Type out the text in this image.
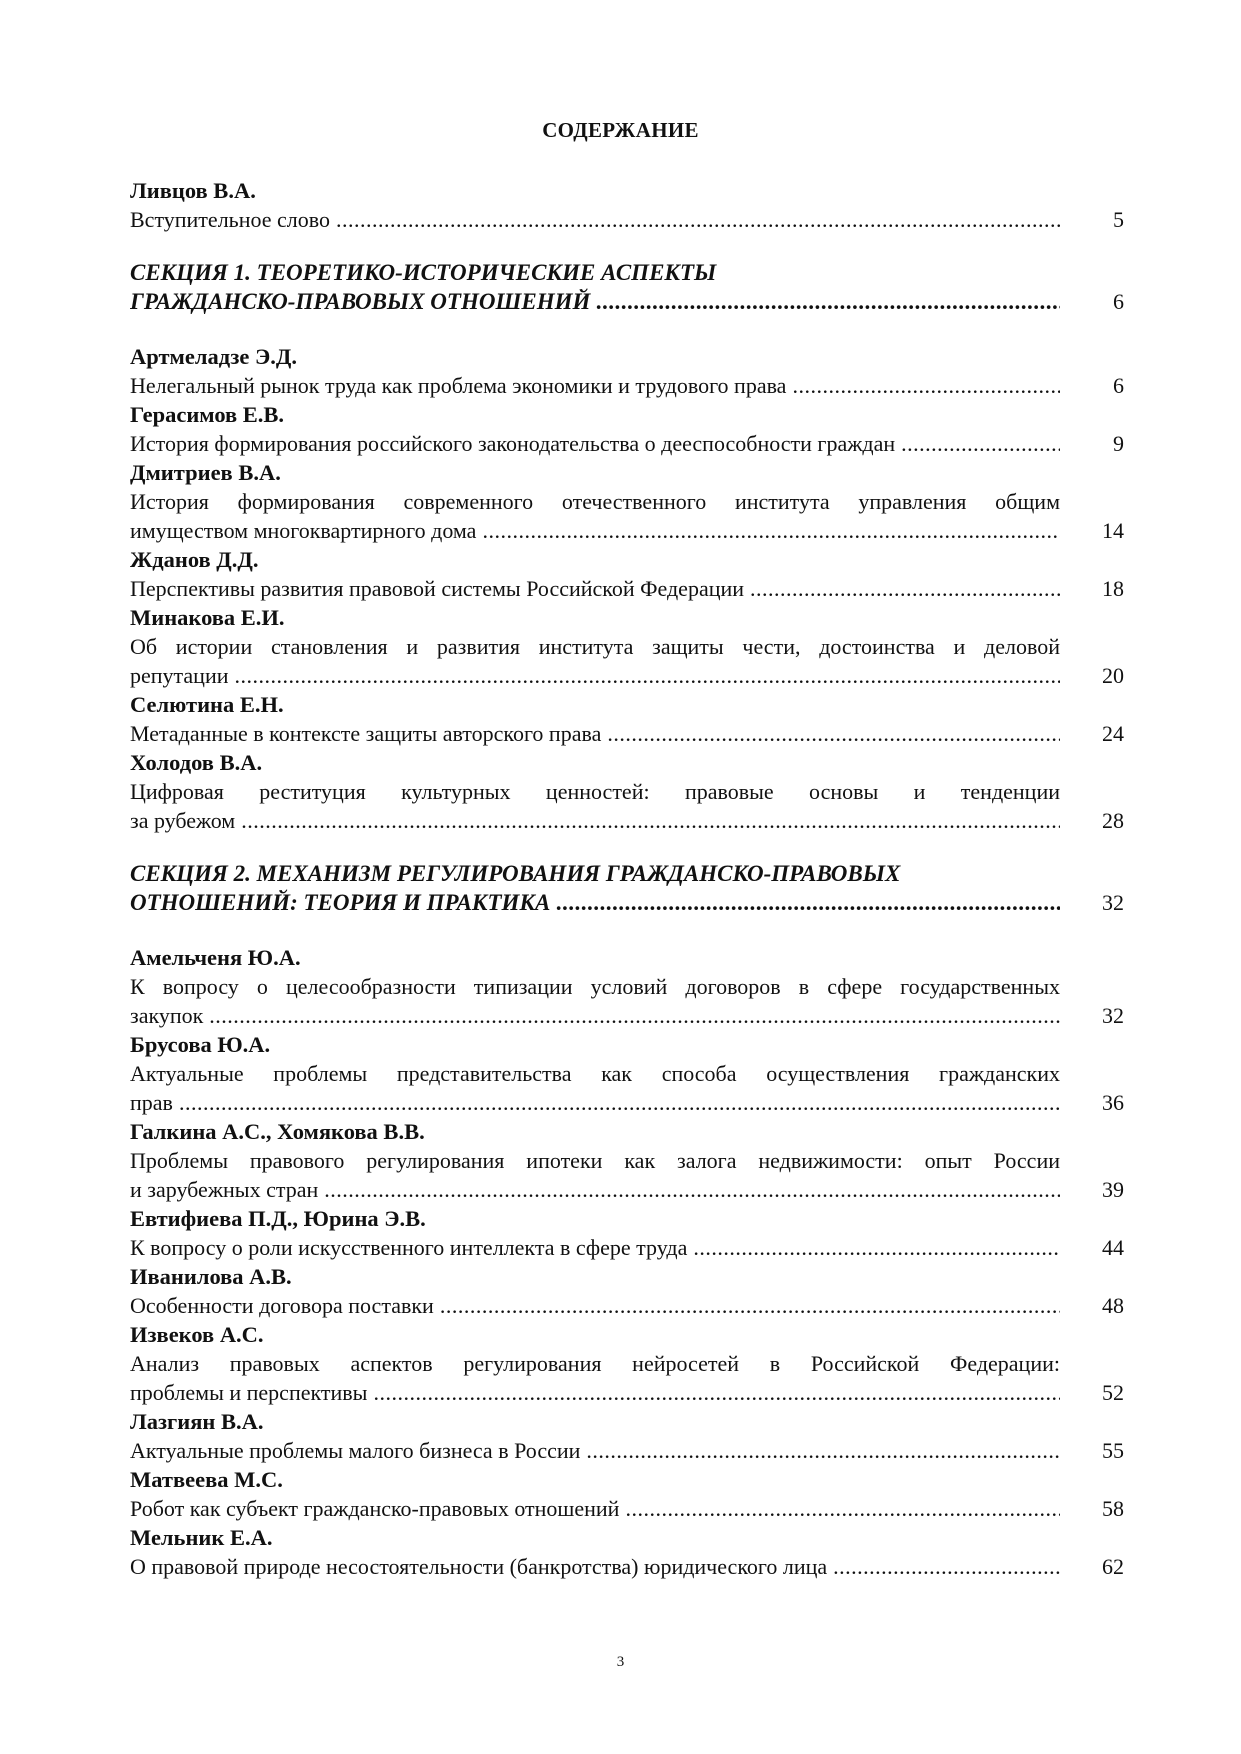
СОДЕРЖАНИЕ
Ливцов В.А.
Вступительное слово .....	5
СЕКЦИЯ 1. ТЕОРЕТИКО-ИСТОРИЧЕСКИЕ АСПЕКТЫ
ГРАЖДАНСКО-ПРАВОВЫХ ОТНОШЕНИЙ .....	6
Артмеладзе Э.Д.
Нелегальный рынок труда как проблема экономики и трудового права .....	6
Герасимов Е.В.
История формирования российского законодательства о дееспособности граждан .....	9
Дмитриев В.А.
История формирования современного отечественного института управления общим
имуществом многоквартирного дома .....	14
Жданов Д.Д.
Перспективы развития правовой системы Российской Федерации .....	18
Минакова Е.И.
Об истории становления и развития института защиты чести, достоинства и деловой
репутации .....	20
Селютина Е.Н.
Метаданные в контексте защиты авторского права .....	24
Холодов В.А.
Цифровая реституция культурных ценностей: правовые основы и тенденции
за рубежом .....	28
СЕКЦИЯ 2. МЕХАНИЗМ РЕГУЛИРОВАНИЯ ГРАЖДАНСКО-ПРАВОВЫХ
ОТНОШЕНИЙ: ТЕОРИЯ И ПРАКТИКА .....	32
Амельченя Ю.А.
К вопросу о целесообразности типизации условий договоров в сфере государственных
закупок .....	32
Брусова Ю.А.
Актуальные проблемы представительства как способа осуществления гражданских
прав .....	36
Галкина А.С., Хомякова В.В.
Проблемы правового регулирования ипотеки как залога недвижимости: опыт России
и зарубежных стран .....	39
Евтифиева П.Д., Юрина Э.В.
К вопросу о роли искусственного интеллекта в сфере труда .....	44
Иванилова А.В.
Особенности договора поставки .....	48
Извеков А.С.
Анализ правовых аспектов регулирования нейросетей в Российской Федерации:
проблемы и перспективы .....	52
Лазгиян В.А.
Актуальные проблемы малого бизнеса в России .....	55
Матвеева М.С.
Робот как субъект гражданско-правовых отношений .....	58
Мельник Е.А.
О правовой природе несостоятельности (банкротства) юридического лица .....	62
3
